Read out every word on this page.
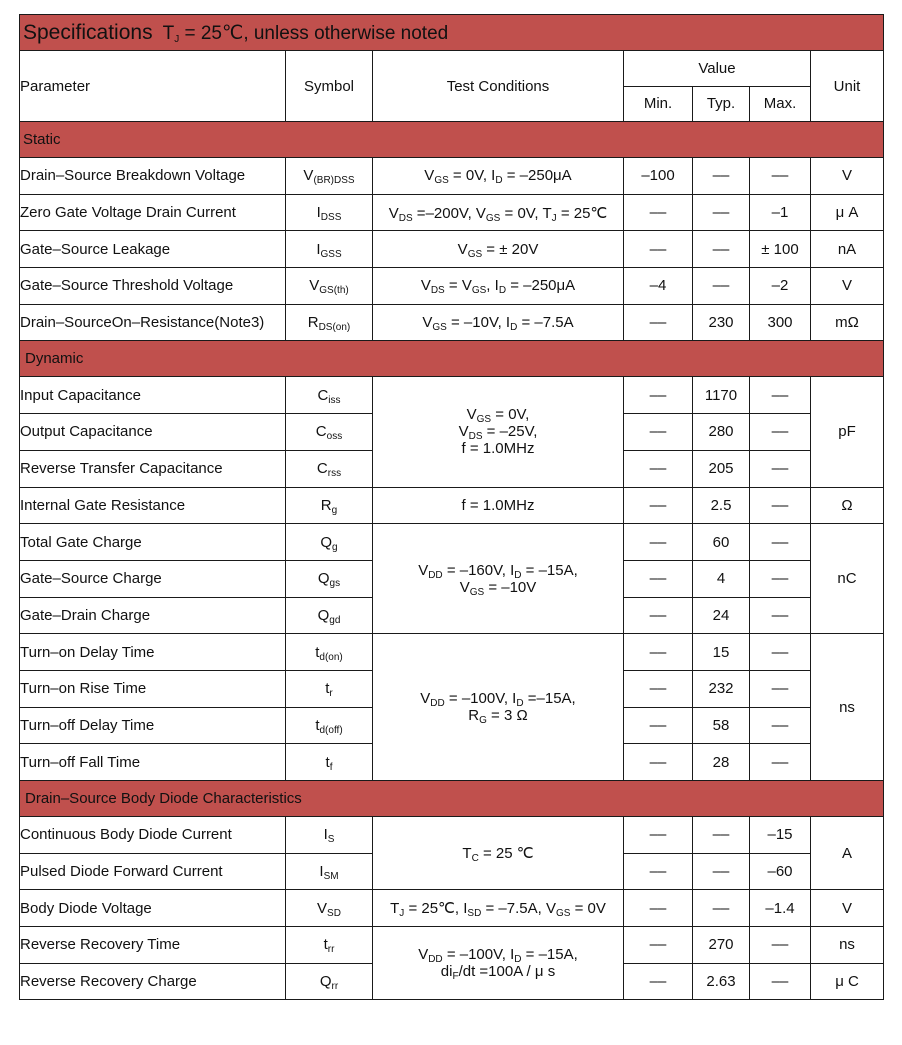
Specifications $T_J$ = 25℃, unless otherwise noted						
Parameter	Symbol	Test Conditions	Value			Unit
			Min.	Typ.	Max.	
Static						
Drain–Source Breakdown Voltage	$V_{(BR)DSS}$	$V_{GS} = 0V$, $I_D = -250\mu A$	–100	––	––	V
Zero Gate Voltage Drain Current	$I_{DSS}$	$V_{DS} =-200V$, $V_{GS} = 0V$, $T_J$ = 25℃	––	––	–1	μ A
Gate–Source Leakage	$I_{GSS}$	$V_{GS}$ = ± 20V	––	––	± 100	nA
Gate–Source Threshold Voltage	$V_{GS(th)}$	$V_{DS} = V_{GS}$, $I_D = -250\mu A$	–4	––	–2	V
Drain–SourceOn–Resistance(Note3)	$R_{DS(on)}$	$V_{GS} = -10V$, $I_D = -7.5A$	––	230	300	mΩ
Dynamic						
Input Capacitance	$C_{iss}$	$V_{GS} = 0V$,
$V_{DS} = -25V$,
f = 1.0MHz	––	1170	––	pF
Output Capacitance	$C_{oss}$		––	280	––	
Reverse Transfer Capacitance	$C_{rss}$		––	205	––	
Internal Gate Resistance	$R_g$	f = 1.0MHz	––	2.5	––	Ω
Total Gate Charge	$Q_g$	$V_{DD} = -160V$, $I_D = -15A$,
$V_{GS} = -10V$	––	60	––	nC
Gate–Source Charge	$Q_{gs}$		––	4	––	
Gate–Drain Charge	$Q_{gd}$		––	24	––	
Turn–on Delay Time	$t_{d(on)}$	$V_{DD} = -100V$, $I_D =-15A$,
$R_G = 3$ Ω	––	15	––	ns
Turn–on Rise Time	$t_r$		––	232	––	
Turn–off Delay Time	$t_{d(off)}$		––	58	––	
Turn–off Fall Time	$t_f$		––	28	––	
Drain–Source Body Diode Characteristics						
Continuous Body Diode Current	$I_S$	$T_C = 25$ ℃	––	––	–15	A
Pulsed Diode Forward Current	$I_{SM}$		––	––	–60	
Body Diode Voltage	$V_{SD}$	$T_J$ = 25℃, $I_{SD} = -7.5A$, $V_{GS} = 0V$	––	––	–1.4	V
Reverse Recovery Time	$t_{rr}$	$V_{DD} = -100V$, $I_D = -15A$,
$di_F/dt =100A / \mu$ s	––	270	––	ns
Reverse Recovery Charge	$Q_{rr}$		––	2.63	––	μ C
